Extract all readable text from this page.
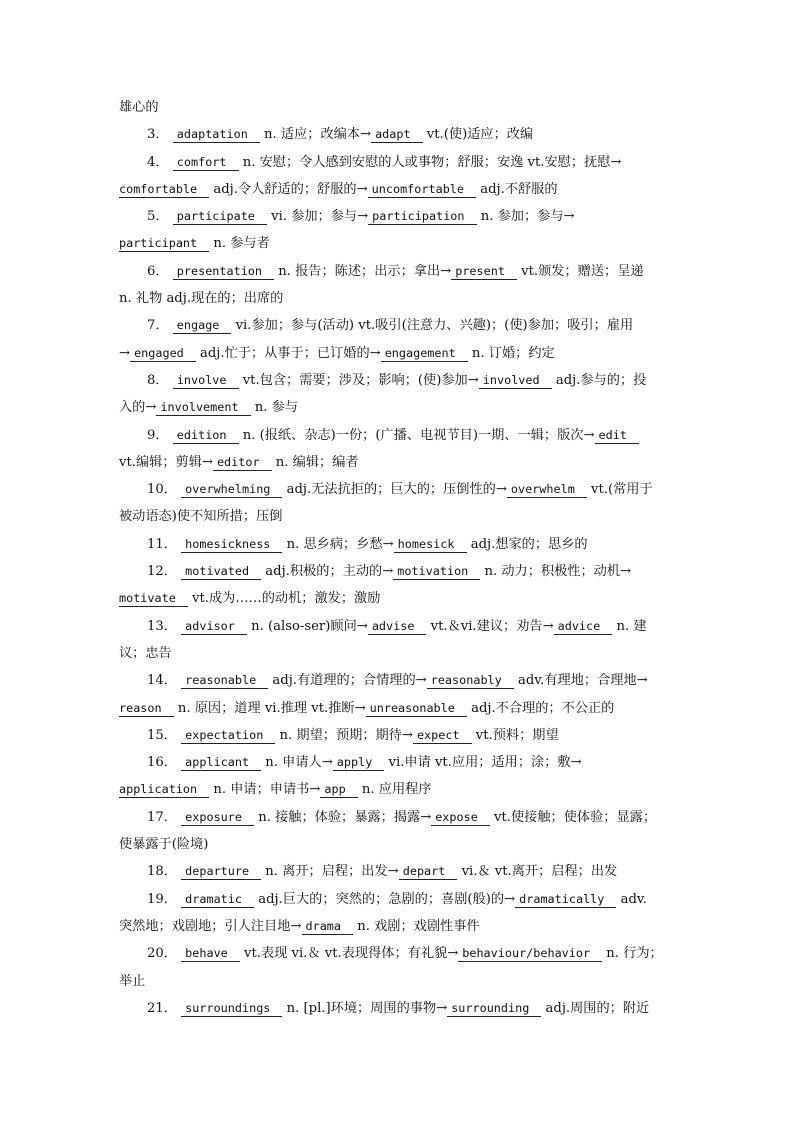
雄心的
3． adaptation n. 适应；改编本→ adapt vt.(使)适应；改编
4． comfort n. 安慰；令人感到安慰的人或事物；舒服；安逸 vt.安慰；抚慰→
comfortable adj.令人舒适的；舒服的→ uncomfortable adj.不舒服的
5． participate vi. 参加；参与→ participation n. 参加；参与→
participant n. 参与者
6． presentation n. 报告；陈述；出示；拿出→ present vt.颁发；赠送；呈递
n. 礼物 adj.现在的；出席的
7． engage vi.参加；参与(活动) vt.吸引(注意力、兴趣)；(使)参加；吸引；雇用
→ engaged adj.忙于；从事于；已订婚的→ engagement n. 订婚；约定
8． involve vt.包含；需要；涉及；影响；(使)参加→ involved adj.参与的；投
入的→ involvement n. 参与
9． edition n. (报纸、杂志)一份；(广播、电视节目)一期、一辑；版次→ edit
vt.编辑；剪辑→ editor n. 编辑；编者
10． overwhelming adj.无法抗拒的；巨大的；压倒性的→ overwhelm vt.(常用于
被动语态)使不知所措；压倒
11． homesickness n. 思乡病；乡愁→ homesick adj.想家的；思乡的
12． motivated adj.积极的；主动的→ motivation n. 动力；积极性；动机→
motivate vt.成为……的动机；激发；激励
13． advisor n. (also-ser)顾问→ advise vt.＆vi.建议；劝告→ advice n. 建
议；忠告
14． reasonable adj.有道理的；合情理的→ reasonably adv.有理地；合理地→
reason n. 原因；道理 vi.推理 vt.推断→ unreasonable adj.不合理的；不公正的
15． expectation n. 期望；预期；期待→ expect vt.预料；期望
16． applicant n. 申请人→ apply vi.申请 vt.应用；适用；涂；敷→
application n. 申请；申请书→ app n. 应用程序
17． exposure n. 接触；体验；暴露；揭露→ expose vt.使接触；使体验；显露；
使暴露于(险境)
18． departure n. 离开；启程；出发→ depart vi.＆ vt.离开；启程；出发
19． dramatic adj.巨大的；突然的；急剧的；喜剧(般)的→ dramatically adv.
突然地；戏剧地；引人注目地→ drama n. 戏剧；戏剧性事件
20． behave vt.表现 vi.＆ vt.表现得体；有礼貌→ behaviour/behavior n. 行为；
举止
21． surroundings n. [pl.]环境；周围的事物→ surrounding adj.周围的；附近
